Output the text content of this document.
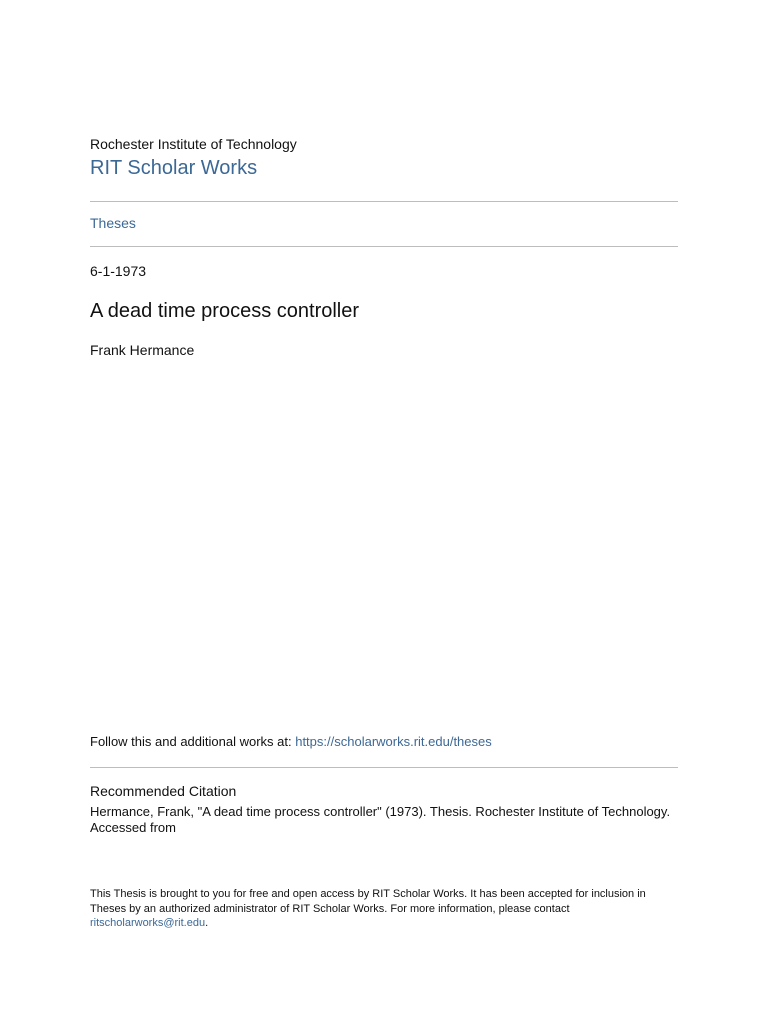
Rochester Institute of Technology
RIT Scholar Works
Theses
6-1-1973
A dead time process controller
Frank Hermance
Follow this and additional works at: https://scholarworks.rit.edu/theses
Recommended Citation
Hermance, Frank, "A dead time process controller" (1973). Thesis. Rochester Institute of Technology.
Accessed from
This Thesis is brought to you for free and open access by RIT Scholar Works. It has been accepted for inclusion in Theses by an authorized administrator of RIT Scholar Works. For more information, please contact ritscholarworks@rit.edu.
